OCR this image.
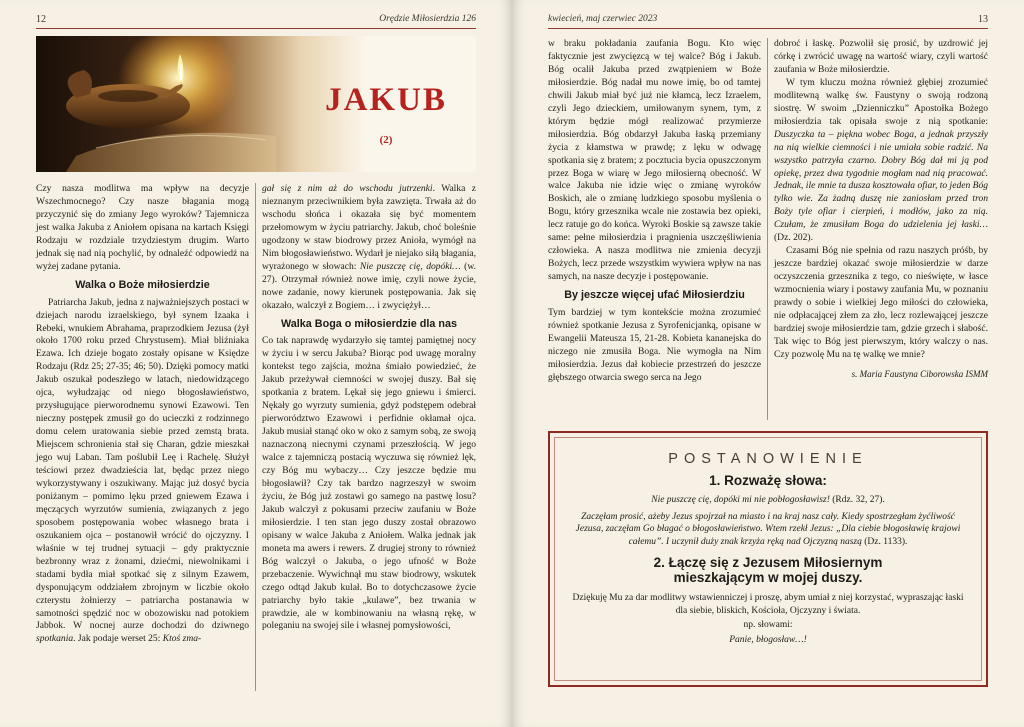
12	Orędzie Miłosierdzia 126
JAKUB
(2)

Czy nasza modlitwa ma wpływ na decyzje Wszechmocnego? Czy nasze błagania mogą przyczynić się do zmiany Jego wyroków? Tajemnicza jest walka Jakuba z Aniołem opisana na kartach Księgi Rodzaju w rozdziale trzydziestym drugim. Warto jednak się nad nią pochylić, by odnaleźć odpowiedź na wyżej zadane pytania.

Walka o Boże miłosierdzie

Patriarcha Jakub, jedna z najważniejszych postaci w dziejach narodu izraelskiego, był synem Izaaka i Rebeki, wnukiem Abrahama, praprzodkiem Jezusa (żył około 1700 roku przed Chrystusem). Miał bliźniaka Ezawa. Ich dzieje bogato zostały opisane w Księdze Rodzaju (Rdz 25; 27-35; 46; 50). Dzięki pomocy matki Jakub oszukał podeszłego w latach, niedowidzącego ojca, wyłudzając od niego błogosławieństwo, przysługujące pierworodnemu synowi Ezawowi. Ten nieczny postępek zmusił go do ucieczki z rodzinnego domu celem uratowania siebie przed zemstą brata. Miejscem schronienia stał się Charan, gdzie mieszkał jego wuj Laban. Tam poślubił Leę i Rachelę. Służył teściowi przez dwadzieścia lat, będąc przez niego wykorzystywany i oszukiwany. Mając już dosyć bycia poniżanym – pomimo lęku przed gniewem Ezawa i męczących wyrzutów sumienia, związanych z jego sposobem postępowania wobec własnego brata i oszukaniem ojca – postanowił wrócić do ojczyzny. I właśnie w tej trudnej sytuacji – gdy praktycznie bezbronny wraz z żonami, dziećmi, niewolnikami i stadami bydła miał spotkać się z silnym Ezawem, dysponującym oddziałem zbrojnym w liczbie około czterystu żołnierzy – patriarcha postanawia w samotności spędzić noc w obozowisku nad potokiem Jabbok. W nocnej aurze dochodzi do dziwnego spotkania. Jak podaje werset 25: Ktoś zma-

gał się z nim aż do wschodu jutrzenki. Walka z nieznanym przeciwnikiem była zawzięta. Trwała aż do wschodu słońca i okazała się być momentem przełomowym w życiu patriarchy. Jakub, choć boleśnie ugodzony w staw biodrowy przez Anioła, wymógł na Nim błogosławieństwo. Wydarł je niejako siłą błagania, wyrażonego w słowach: Nie puszczę cię, dopóki… (w. 27). Otrzymał również nowe imię, czyli nowe życie, nowe zadanie, nowy kierunek postępowania. Jak się okazało, walczył z Bogiem… i zwyciężył…

Walka Boga o miłosierdzie dla nas

Co tak naprawdę wydarzyło się tamtej pamiętnej nocy w życiu i w sercu Jakuba? Biorąc pod uwagę moralny kontekst tego zajścia, można śmiało powiedzieć, że Jakub przeżywał ciemności w swojej duszy. Bał się spotkania z bratem. Lękał się jego gniewu i śmierci. Nękały go wyrzuty sumienia, gdyż podstępem odebrał pierworództwo Ezawowi i perfidnie okłamał ojca. Jakub musiał stanąć oko w oko z samym sobą, ze swoją naznaczoną niecnymi czynami przeszłością. W jego walce z tajemniczą postacią wyczuwa się również lęk, czy Bóg mu wybaczy… Czy jeszcze będzie mu błogosławił? Czy tak bardzo nagrzeszył w swoim życiu, że Bóg już zostawi go samego na pastwę losu? Jakub walczył z pokusami przeciw zaufaniu w Boże miłosierdzie. I ten stan jego duszy został obrazowo opisany w walce Jakuba z Aniołem. Walka jednak jak moneta ma awers i rewers. Z drugiej strony to również Bóg walczył o Jakuba, o jego ufność w Boże przebaczenie. Wywichnął mu staw biodrowy, wskutek czego odtąd Jakub kulał. Bo to dotychczasowe życie patriarchy było takie „kulawe”, bez trwania w prawdzie, ale w kombinowaniu na własną rękę, w poleganiu na swojej sile i własnej pomysłowości,

kwiecień, maj czerwiec 2023	13

w braku pokładania zaufania Bogu. Kto więc faktycznie jest zwycięzcą w tej walce? Bóg i Jakub. Bóg ocalił Jakuba przed zwątpieniem w Boże miłosierdzie. Bóg nadał mu nowe imię, bo od tamtej chwili Jakub miał być już nie kłamcą, lecz Izraelem, czyli Jego dzieckiem, umiłowanym synem, tym, z którym będzie mógł realizować przymierze miłosierdzia. Bóg obdarzył Jakuba łaską przemiany życia z kłamstwa w prawdę; z lęku w odwagę spotkania się z bratem; z pocztucia bycia opuszczonym przez Boga w wiarę w Jego miłosierną obecność. W walce Jakuba nie idzie więc o zmianę wyroków Boskich, ale o zmianę ludzkiego sposobu myślenia o Bogu, który grzesznika wcale nie zostawia bez opieki, lecz ratuje go do końca. Wyroki Boskie są zawsze takie same: pełne miłosierdzia i pragnienia uszczęśliwienia człowieka. A nasza modlitwa nie zmienia decyzji Bożych, lecz przede wszystkim wywiera wpływ na nas samych, na nasze decyzje i postępowanie.

By jeszcze więcej ufać Miłosierdziu

Tym bardziej w tym kontekście można zrozumieć również spotkanie Jezusa z Syrofenicjanką, opisane w Ewangelii Mateusza 15, 21-28. Kobieta kananejska do niczego nie zmusiła Boga. Nie wymogła na Nim miłosierdzia. Jezus dał kobiecie przestrzeń do jeszcze głębszego otwarcia swego serca na Jego

dobroć i łaskę. Pozwolił się prosić, by uzdrowić jej córkę i zwrócić uwagę na wartość wiary, czyli wartość zaufania w Boże miłosierdzie.

W tym kluczu można również głębiej zrozumieć modlitewną walkę św. Faustyny o swoją rodzoną siostrę. W swoim „Dzienniczku” Apostołka Bożego miłosierdzia tak opisała swoje z nią spotkanie: Duszyczka ta – piękna wobec Boga, a jednak przyszły na nią wielkie ciemności i nie umiała sobie radzić. Na wszystko patrzyła czarno. Dobry Bóg dał mi ją pod opiekę, przez dwa tygodnie mogłam nad nią pracować. Jednak, ile mnie ta dusza kosztowała ofiar, to jeden Bóg tylko wie. Za żadną duszę nie zaniosłam przed tron Boży tyle ofiar i cierpień, i modłów, jako za nią. Czułam, że zmusiłam Boga do udzielenia jej łaski… (Dz. 202).

Czasami Bóg nie spełnia od razu naszych próśb, by jeszcze bardziej okazać swoje miłosierdzie w darze oczyszczenia grzesznika z tego, co nieświęte, w łasce wzmocnienia wiary i postawy zaufania Mu, w poznaniu prawdy o sobie i wielkiej Jego miłości do człowieka, nie odpłacającej złem za zło, lecz rozlewającej jeszcze bardziej swoje miłosierdzie tam, gdzie grzech i słabość. Tak więc to Bóg jest pierwszym, który walczy o nas. Czy pozwolę Mu na tę walkę we mnie?

s. Maria Faustyna Ciborowska ISMM
POSTANOWIENIE
1. Rozważę słowa:
Nie puszczę cię, dopóki mi nie pobłogosławisz! (Rdz. 32, 27).
Zaczęłam prosić, ażeby Jezus spojrzał na miasto i na kraj nasz cały. Kiedy spostrzegłam żyćliwość Jezusa, zaczęłam Go błagać o błogosławieństwo. Wtem rzekł Jezus: „Dla ciebie błogosławię krajowi całemu”. I uczynił duży znak krzyża ręką nad Ojczyzną naszą (Dz. 1133).
2. Łączę się z Jezusem Miłosiernym mieszkającym w mojej duszy.
Dziękuję Mu za dar modlitwy wstawienniczej i proszę, abym umiał z niej korzystać, wypraszając łaski dla siebie, bliskich, Kościoła, Ojczyzny i świata.
np. słowami:
Panie, błogosław…!
